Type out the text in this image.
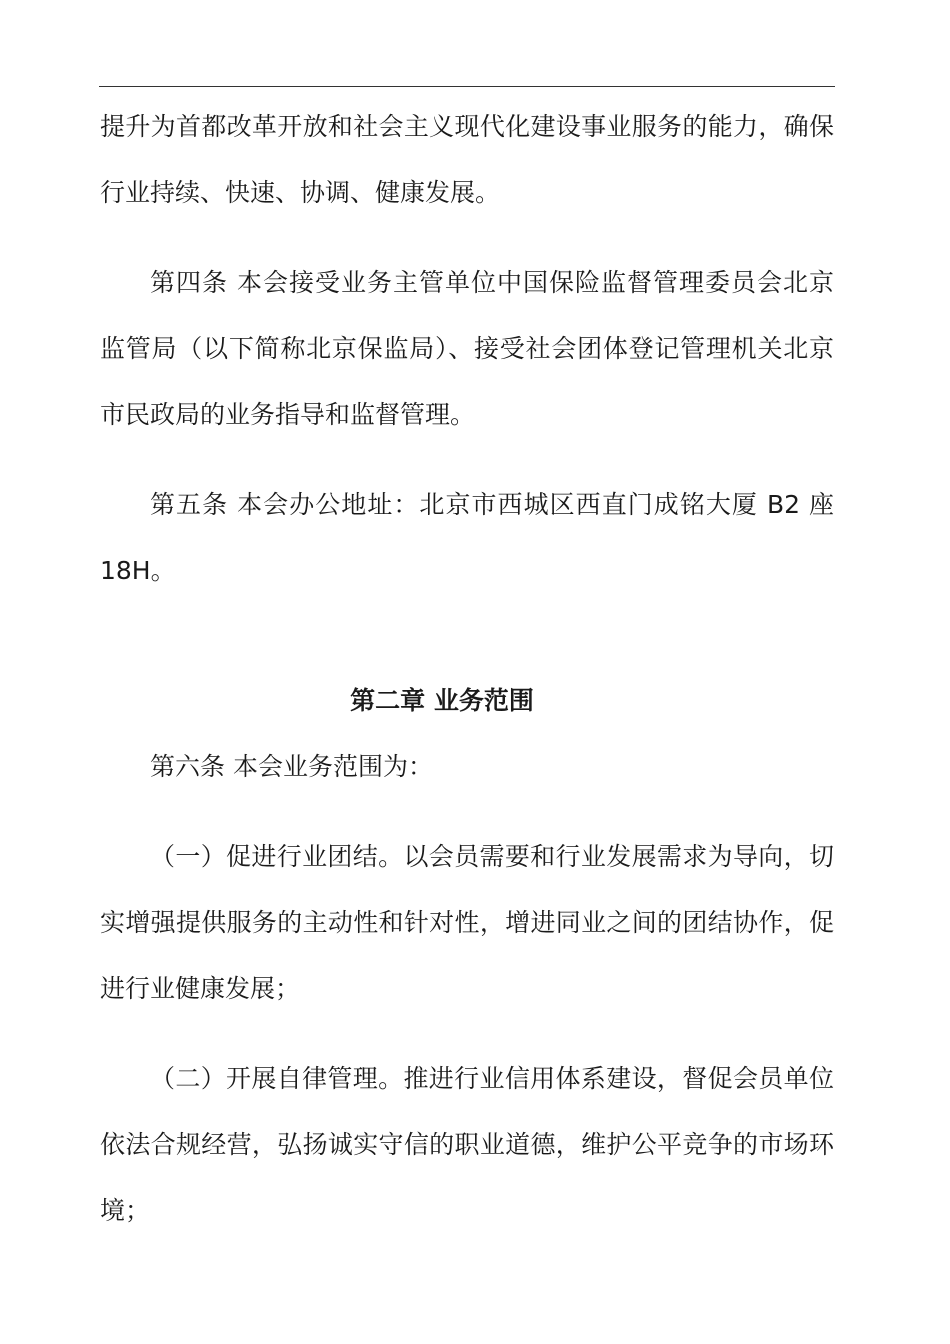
提升为首都改革开放和社会主义现代化建设事业服务的能力，确保
行业持续、快速、协调、健康发展。
第四条 本会接受业务主管单位中国保险监督管理委员会北京
监管局（以下简称北京保监局）、接受社会团体登记管理机关北京
市民政局的业务指导和监督管理。
第五条 本会办公地址：北京市西城区西直门成铭大厦 B2 座
18H。
第二章 业务范围
第六条 本会业务范围为：
（一）促进行业团结。以会员需要和行业发展需求为导向，切
实增强提供服务的主动性和针对性，增进同业之间的团结协作，促
进行业健康发展；
（二）开展自律管理。推进行业信用体系建设，督促会员单位
依法合规经营，弘扬诚实守信的职业道德，维护公平竞争的市场环
境；
